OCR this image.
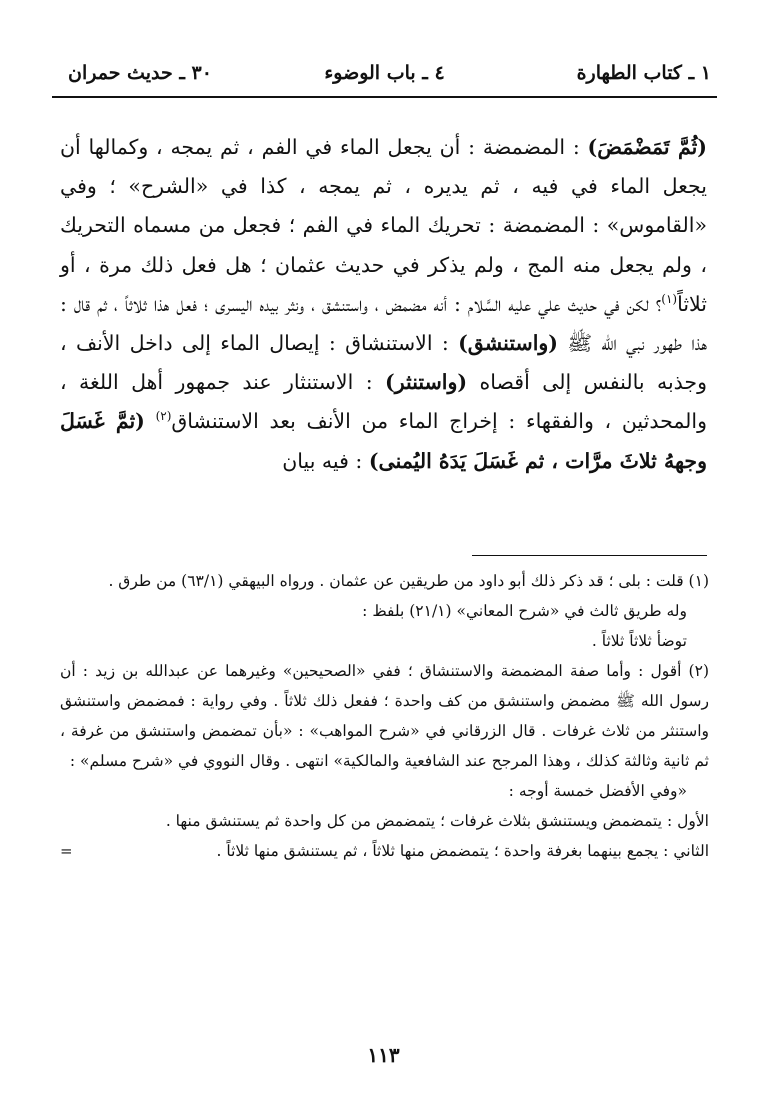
١ ـ كتاب الطهارة
٤ ـ باب الوضوء
٣٠ ـ حديث حمران

(ثُمَّ تَمَضْمَضَ) : المضمضة : أن يجعل الماء في الفم ، ثم يمجه ، وكمالها أن يجعل الماء في فيه ، ثم يديره ، ثم يمجه ، كذا في «الشرح» ؛ وفي «القاموس» : المضمضة : تحريك الماء في الفم ؛ فجعل من مسماه التحريك ، ولم يجعل منه المج ، ولم يذكر في حديث عثمان ؛ هل فعل ذلك مرة ، أو ثلاثاً$^{(١)}$؟ لكن في حديث علي عليه السَّلام : أنه مضمض ، واستنشق ، ونثر بيده اليسرى ؛ فعل هذا ثلاثاً ، ثم قال : هذا طهور نبي الله ﷺ (واستنشق) : الاستنشاق : إيصال الماء إلى داخل الأنف ، وجذبه بالنفس إلى أقصاه (واستنثر) : الاستنثار عند جمهور أهل اللغة ، والمحدثين ، والفقهاء : إخراج الماء من الأنف بعد الاستنشاق$^{(٢)}$ (ثمَّ غَسَلَ وجههُ ثلاثَ مرَّات ، ثم غَسَلَ يَدَهُ اليُمنى) : فيه بيان

(١) قلت : بلى ؛ قد ذكر ذلك أبو داود من طريقين عن عثمان . ورواه البيهقي (٦٣/١) من طرق .

وله طريق ثالث في «شرح المعاني» (٢١/١) بلفظ :

توضأ ثلاثاً ثلاثاً .

(٢) أقول : وأما صفة المضمضة والاستنشاق ؛ ففي «الصحيحين» وغيرهما عن عبدالله بن زيد : أن رسول الله ﷺ مضمض واستنشق من كف واحدة ؛ ففعل ذلك ثلاثاً . وفي رواية : فمضمض واستنشق واستنثر من ثلاث غرفات . قال الزرقاني في «شرح المواهب» : «بأن تمضمض واستنشق من غرفة ، ثم ثانية وثالثة كذلك ، وهذا المرجح عند الشافعية والمالكية» انتهى . وقال النووي في «شرح مسلم» :

«وفي الأفضل خمسة أوجه :

الأول : يتمضمض ويستنشق بثلاث غرفات ؛ يتمضمض من كل واحدة ثم يستنشق منها .

الثاني : يجمع بينهما بغرفة واحدة ؛ يتمضمض منها ثلاثاً ، ثم يستنشق منها ثلاثاً .

=
١١٣
